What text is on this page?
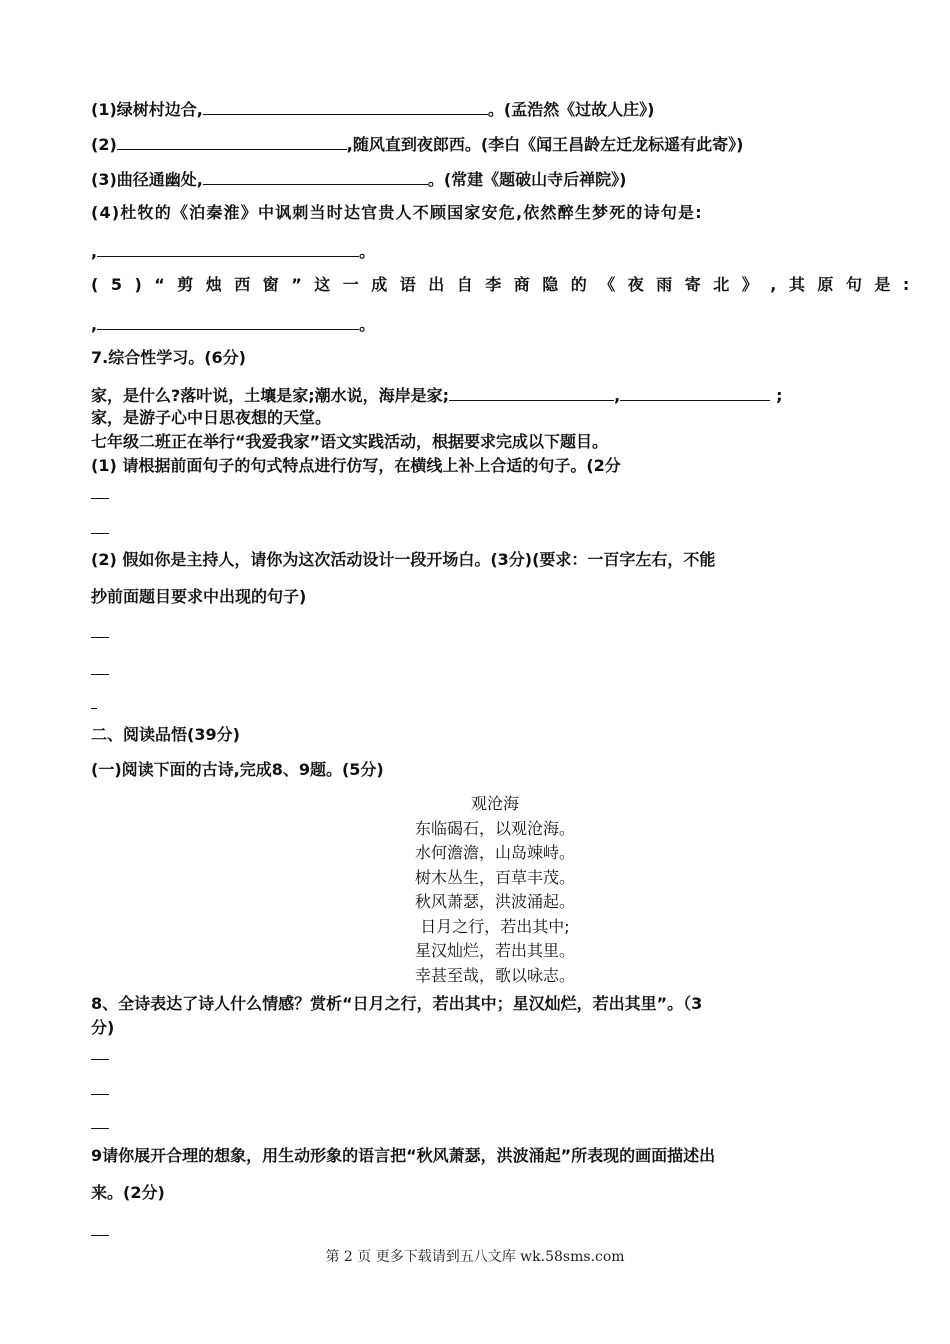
(1)绿树村边合,	。(孟浩然《过故人庄》)
(2)	,随风直到夜郎西。(李白《闻王昌龄左迁龙标遥有此寄》)
(3)曲径通幽处,	。(常建《题破山寺后禅院》)
(4)杜牧的《泊秦淮》中讽刺当时达官贵人不顾国家安危,依然醉生梦死的诗句是:
,	。
(5)“剪烛西窗”这一成语出自李商隐的《夜雨寄北》,其原句是:
,	。
7.综合性学习。(6分)
家，是什么?落叶说，土壤是家;潮水说，海岸是家;	,	;
家，是游子心中日思夜想的天堂。
七年级二班正在举行“我爱我家”语文实践活动，根据要求完成以下题目。
(1) 请根据前面句子的句式特点进行仿写，在横线上补上合适的句子。(2分
(2) 假如你是主持人，请你为这次活动设计一段开场白。(3分)(要求：一百字左右，不能
抄前面题目要求中出现的句子)
二、阅读品悟(39分)
(一)阅读下面的古诗,完成8、9题。(5分)
观沧海
东临碣石，以观沧海。
水何澹澹，山岛竦峙。
树木丛生，百草丰茂。
秋风萧瑟，洪波涌起。
日月之行，若出其中;
星汉灿烂，若出其里。
幸甚至哉，歌以咏志。
8、全诗表达了诗人什么情感？赏析“日月之行，若出其中；星汉灿烂，若出其里”。（3
分)
9请你展开合理的想象，用生动形象的语言把“秋风萧瑟，洪波涌起”所表现的画面描述出
来。(2分)
第 2 页 更多下载请到五八文库 wk.58sms.com
